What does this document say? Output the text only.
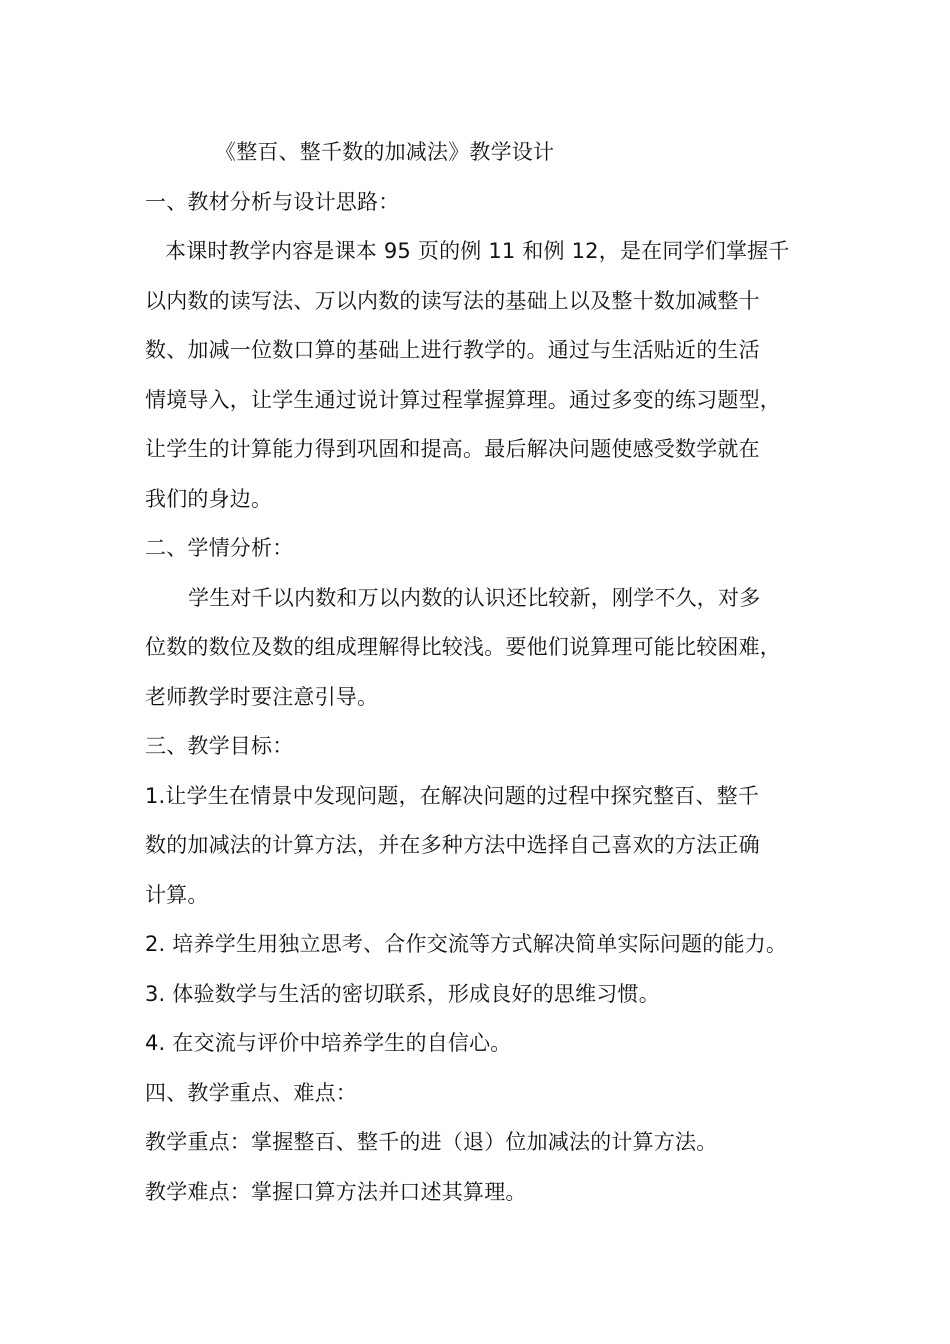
《整百、整千数的加减法》教学设计
一、教材分析与设计思路：
本课时教学内容是课本 95 页的例 11 和例 12，是在同学们掌握千
以内数的读写法、万以内数的读写法的基础上以及整十数加减整十
数、加减一位数口算的基础上进行教学的。通过与生活贴近的生活
情境导入，让学生通过说计算过程掌握算理。通过多变的练习题型，
让学生的计算能力得到巩固和提高。最后解决问题使感受数学就在
我们的身边。
二、学情分析：
学生对千以内数和万以内数的认识还比较新，刚学不久，对多
位数的数位及数的组成理解得比较浅。要他们说算理可能比较困难，
老师教学时要注意引导。
三、教学目标：
1.让学生在情景中发现问题，在解决问题的过程中探究整百、整千
数的加减法的计算方法，并在多种方法中选择自己喜欢的方法正确
计算。
2. 培养学生用独立思考、合作交流等方式解决简单实际问题的能力。
3. 体验数学与生活的密切联系，形成良好的思维习惯。
4. 在交流与评价中培养学生的自信心。
四、教学重点、难点：
教学重点：掌握整百、整千的进（退）位加减法的计算方法。
教学难点：掌握口算方法并口述其算理。
